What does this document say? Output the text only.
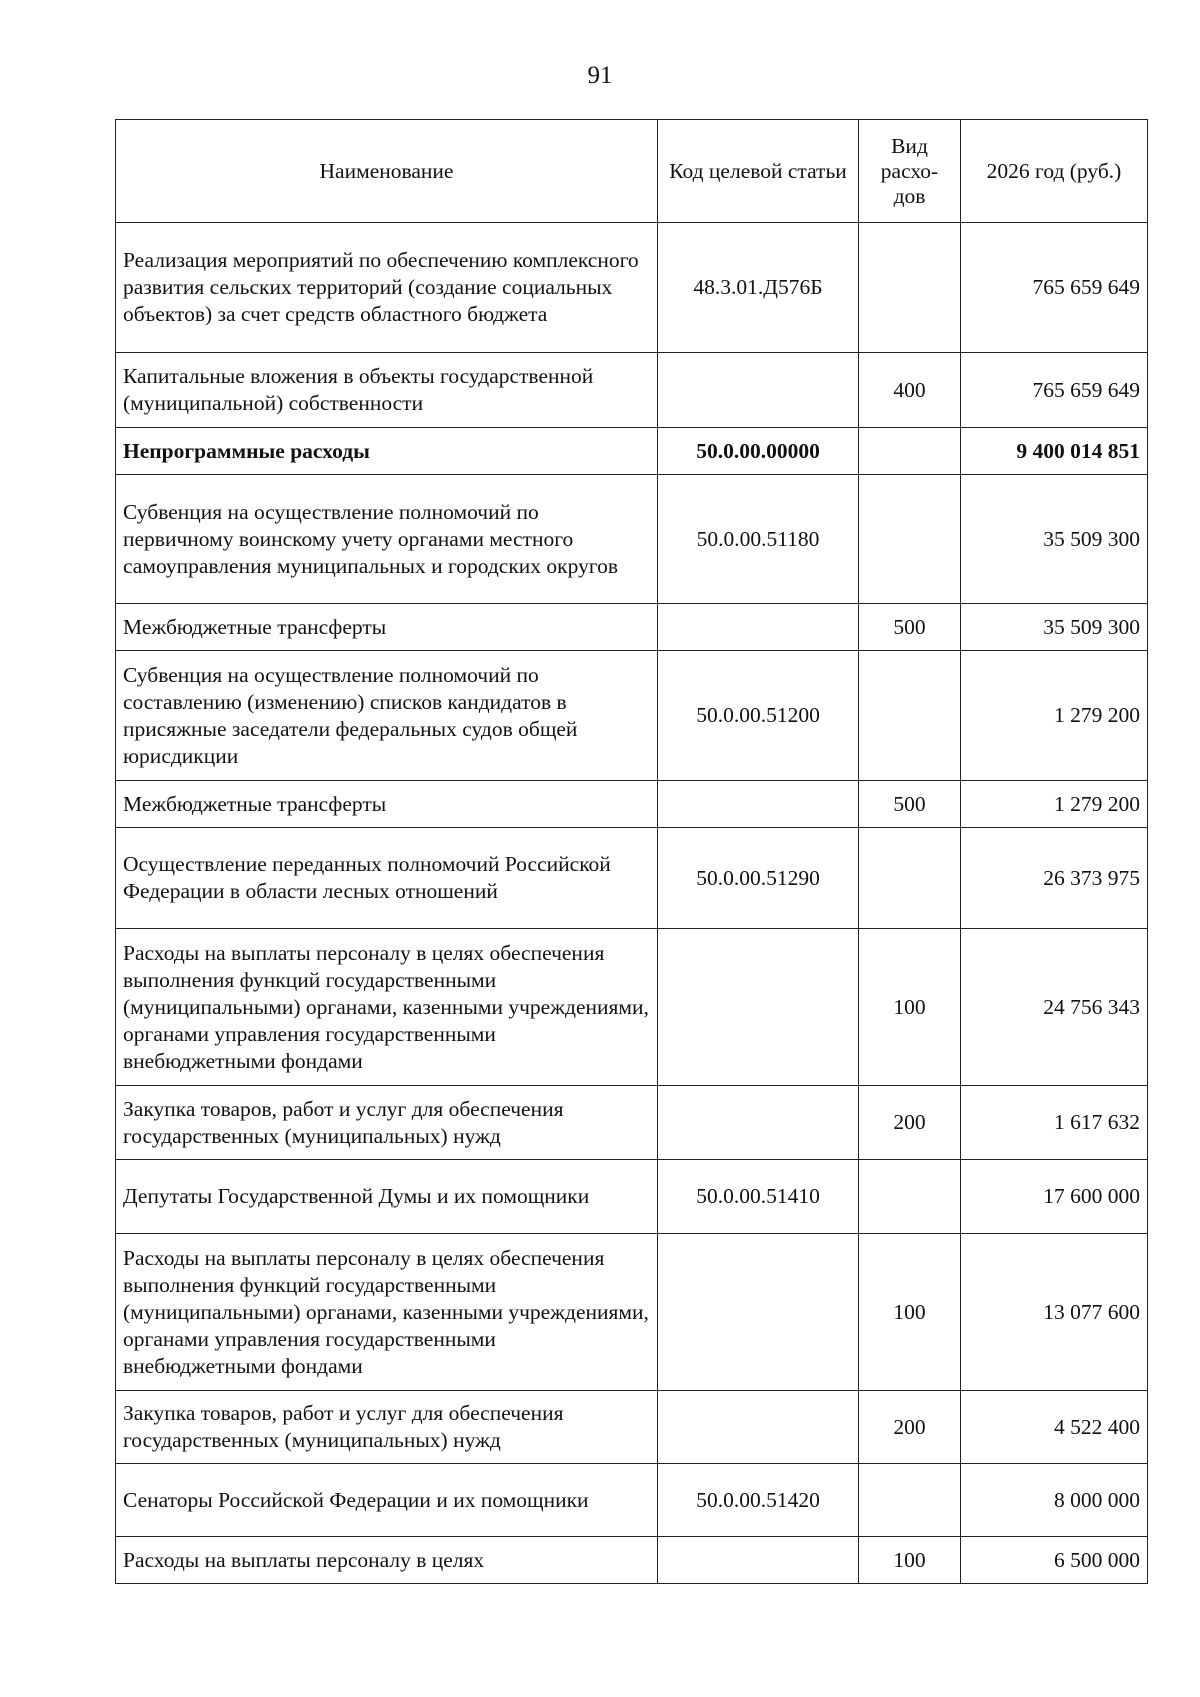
91
Наименование	Код целевой статьи	Вид расхо-дов	2026 год (руб.)
Реализация мероприятий по обеспечению комплексного развития сельских территорий (создание социальных объектов) за счет средств областного бюджета	48.3.01.Д576Б		765 659 649
Капитальные вложения в объекты государственной (муниципальной) собственности		400	765 659 649
Непрограммные расходы	50.0.00.00000		9 400 014 851
Субвенция на осуществление полномочий по первичному воинскому учету органами местного самоуправления муниципальных и городских округов	50.0.00.51180		35 509 300
Межбюджетные трансферты		500	35 509 300
Субвенция на осуществление полномочий по составлению (изменению) списков кандидатов в присяжные заседатели федеральных судов общей юрисдикции	50.0.00.51200		1 279 200
Межбюджетные трансферты		500	1 279 200
Осуществление переданных полномочий Российской Федерации в области лесных отношений	50.0.00.51290		26 373 975
Расходы на выплаты персоналу в целях обеспечения выполнения функций государственными (муниципальными) органами, казенными учреждениями, органами управления государственными внебюджетными фондами		100	24 756 343
Закупка товаров, работ и услуг для обеспечения государственных (муниципальных) нужд		200	1 617 632
Депутаты Государственной Думы и их помощники	50.0.00.51410		17 600 000
Расходы на выплаты персоналу в целях обеспечения выполнения функций государственными (муниципальными) органами, казенными учреждениями, органами управления государственными внебюджетными фондами		100	13 077 600
Закупка товаров, работ и услуг для обеспечения государственных (муниципальных) нужд		200	4 522 400
Сенаторы Российской Федерации и их помощники	50.0.00.51420		8 000 000
Расходы на выплаты персоналу в целях		100	6 500 000
